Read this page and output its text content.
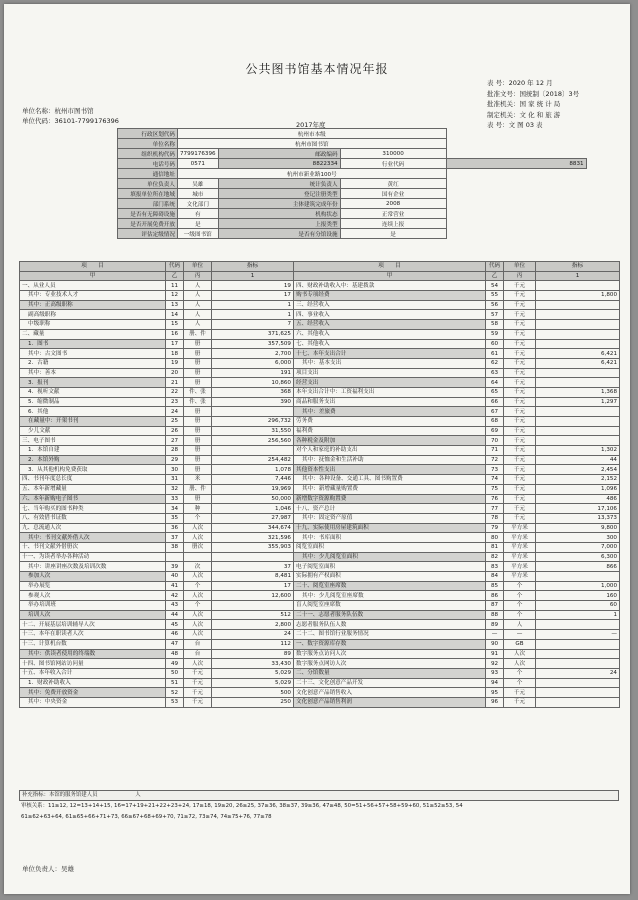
公共图书馆基本情况年报
表 号：2020 年 12 月
批准文号：国统制〔2018〕3号
批准机关：国 家 统 计 局
制定机关：文 化 和 旅 游
表 号：文 图 03 表
单位名称：杭州市图书馆
单位代码：36101-7799176396	2017年度
行政区划代码	杭州市本级			
单位名称	杭州市图书馆			
组织机构代码	7799176396	邮政编码	310000	
电话号码	0571	8822334	行业代码	8831
通信地址	杭州市新业路100号			
单位负责人	吴雄	统计负责人	黄红	
填报单位所在地域	城市	登记注册类型	国有企业	
部门系统	文化部门	主体建筑完成年份	2008	
是否有无障碍设施	有	机构状态	正常营业	
是否开展免费开放	是	上报类型	连续上报	
评估定级情况	一级图书馆	是否有分馆设施	是	
项　　目	代码	单位	指标	项　　目	代码	单位	指标
甲	乙	丙	1	甲	乙	丙	1
一、从业人员	11	人	19	四、财政补助收入中：基建拨款	54	千元	
其中：专业技术人才	12	人	17	购书专项经费	55	千元	1,800
其中：正高级职称	13	人	1	三、经营收入	56	千元	
副高级职称	14	人	1	四、事业收入	57	千元	
中级职称	15	人	7	五、经营收入	58	千元	
二、藏量	16	册、件	371,625	六、其他收入	59	千元	
1．图书	17	册	357,509	七、其他收入	60	千元	
其中：古文图书	18	册	2,700	十七、本年支出合计	61	千元	6,421
2．古籍	19	册	6,000	其中：基本支出	62	千元	6,421
其中：善本	20	册	191	项目支出	63	千元	
3．报刊	21	册	10,860	经营支出	64	千元	
4．视听文献	22	件、张	368	本年支出合计中：工资福利支出	65	千元	1,368
5．缩微制品	23	件、张	390	商品和服务支出	66	千元	1,297
6．其他	24	册		其中：差旅费	67	千元	
在藏量中：开架书刊	25	册	296,732	劳务费	68	千元	
少儿文献	26	册	31,550	福利费	69	千元	
三、电子图书	27	册	256,560	各种税金及附加	70	千元	
1．本馆自建	28	册		对个人和家庭的补助支出	71	千元	1,302
2．本馆外购	29	册	254,482	其中：抚恤金和生活补助	72	千元	44
3．从其他机构免费获取	30	册	1,078	其他资本性支出	73	千元	2,454
四、书刊年度总长度	31	米	7,446	其中：各种设备、交通工具、图书购置费	74	千元	2,152
五、本年新增藏量	32	册、件	19,969	其中：新增藏量购置费	75	千元	1,096
六、本年新购电子图书	33	册	50,000	新增数字资源购置费	76	千元	486
七、当年购买的图书种类	34	种	1,046	十八、资产总计	77	千元	17,106
八、有效借书证数	35	个	27,987	其中：固定资产原值	78	千元	13,373
九、总流通人次	36	人次	344,674	十九、实际使用房屋建筑面积	79	平方米	9,800
其中：书刊文献外借人次	37	人次	321,596	其中：书库面积	80	平方米	300
十、书刊文献外借册次	38	册次	355,903	阅览室面积	81	平方米	7,000
十一、为读者举办各种活动				其中：少儿阅览室面积	82	平方米	6,300
其中：讲座讲座次数及培训次数	39	次	37	电子阅览室面积	83	平方米	866
参加人次	40	人次	8,481	实际拥有产权面积	84	平方米	
举办展览	41	个	17	二十、阅览室座席数	85	个	1,000
参观人次	42	人次	12,600	其中：少儿阅览室座席数	86	个	160
举办培训班	43	个		盲人阅览室座席数	87	个	60
培训人次	44	人次	512	二十一、志愿者服务队伍数	88	个	1
十二、开展基层培训辅导人次	45	人次	2,800	志愿者服务队伍人数	89	人	
十三、本年在职读者人次	46	人次	24	二十二、图书馆行业服务情况	—	—	—
十三、计算机台数	47	台	112	一、数字资源库存数	90	GB	
其中：供读者使用的终端数	48	台	89	数字服务点访问人次	91	人次	
十四、图书馆网站访问量	49	人次	33,430	数字服务点网访人次	92	人次	
十五、本年收入合计	50	千元	5,029	二、分馆数量	93	个	24
1．财政补助收入	51	千元	5,029	二十三、文化创意产品开发	94	个	
其中：免费开放资金	52	千元	500	文化创意产品销售收入	95	千元	
其中：中央资金	53	千元	250	文化创意产品销售利润	96	千元	
补充指标：本馆的服务馆建人员	人
审核关系：11≥12, 12=13+14+15, 16=17+19+21+22+23+24, 17≥18, 19≥20, 26≥25, 37≥36, 38≥37, 39≥36, 47≥48, 50=51+56+57+58+59+60, 51≥52≥53, 54
61≥62+63+64, 61≥65+66+71+73, 66≥67+68+69+70, 71≥72, 73≥74, 74≥75+76, 77≥78
单位负责人：吴雄
